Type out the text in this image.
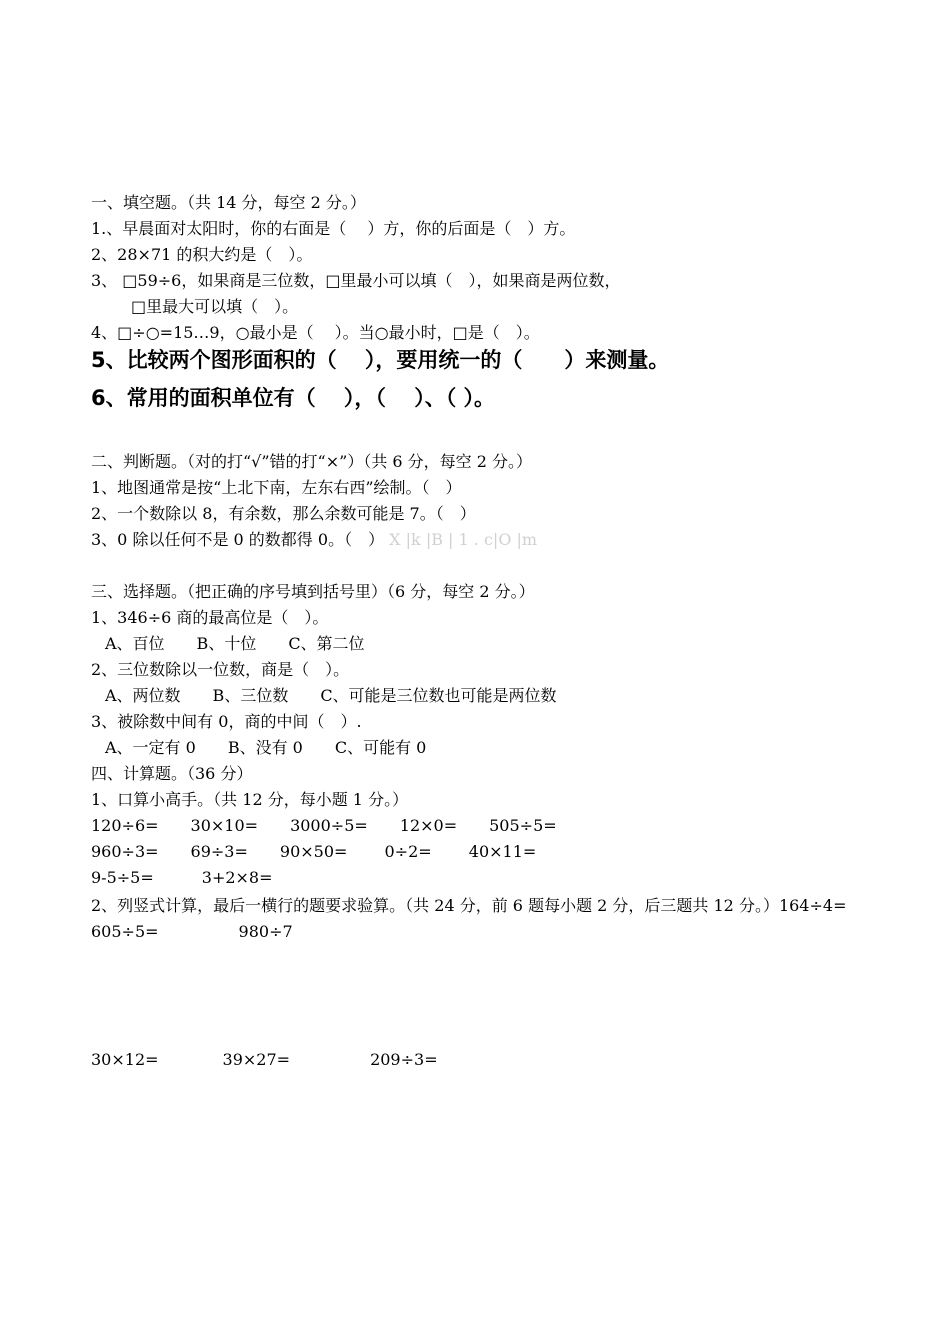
一、填空题。（共 14 分，每空 2 分。）
1.、早晨面对太阳时，你的右面是（　 ）方，你的后面是（　）方。
2、28×71 的积大约是（　）。
3、 □59÷6，如果商是三位数，□里最小可以填（　），如果商是两位数，
□里最大可以填（　）。
4、□÷○=15…9，○最小是（　 ）。当○最小时，□是（　）。
5、比较两个图形面积的（　 ），要用统一的（　　）来测量。
6、常用的面积单位有（　 ），（　 ）、（ ）。
二、判断题。（对的打“√”错的打“×”）（共 6 分，每空 2 分。）
1、地图通常是按“上北下南，左东右西”绘制。（　）
2、一个数除以 8，有余数，那么余数可能是 7。（　）
3、0 除以任何不是 0 的数都得 0。（　） X |k |B | 1 . c|O |m
三、选择题。（把正确的序号填到括号里）（6 分，每空 2 分。）
1、346÷6 商的最高位是（　）。
A、百位　　B、十位　　C、第二位
2、三位数除以一位数，商是（　）。
A、两位数　　B、三位数　　C、可能是三位数也可能是两位数
3、被除数中间有 0，商的中间（　）.
A、一定有 0　　B、没有 0　　C、可能有 0
四、计算题。（36 分）
1、口算小高手。（共 12 分，每小题 1 分。）
120÷6=　　30×10=　　3000÷5=　　12×0=　　505÷5=
960÷3=　　69÷3=　　90×50=　　 0÷2=　　 40×11=
9-5÷5=　　　3+2×8=
2、列竖式计算，最后一横行的题要求验算。（共 24 分，前 6 题每小题 2 分，后三题共 12 分。）164÷4=　　　　605÷5=　　　　　980÷7
30×12=　　　　39×27=　　　　　209÷3=
